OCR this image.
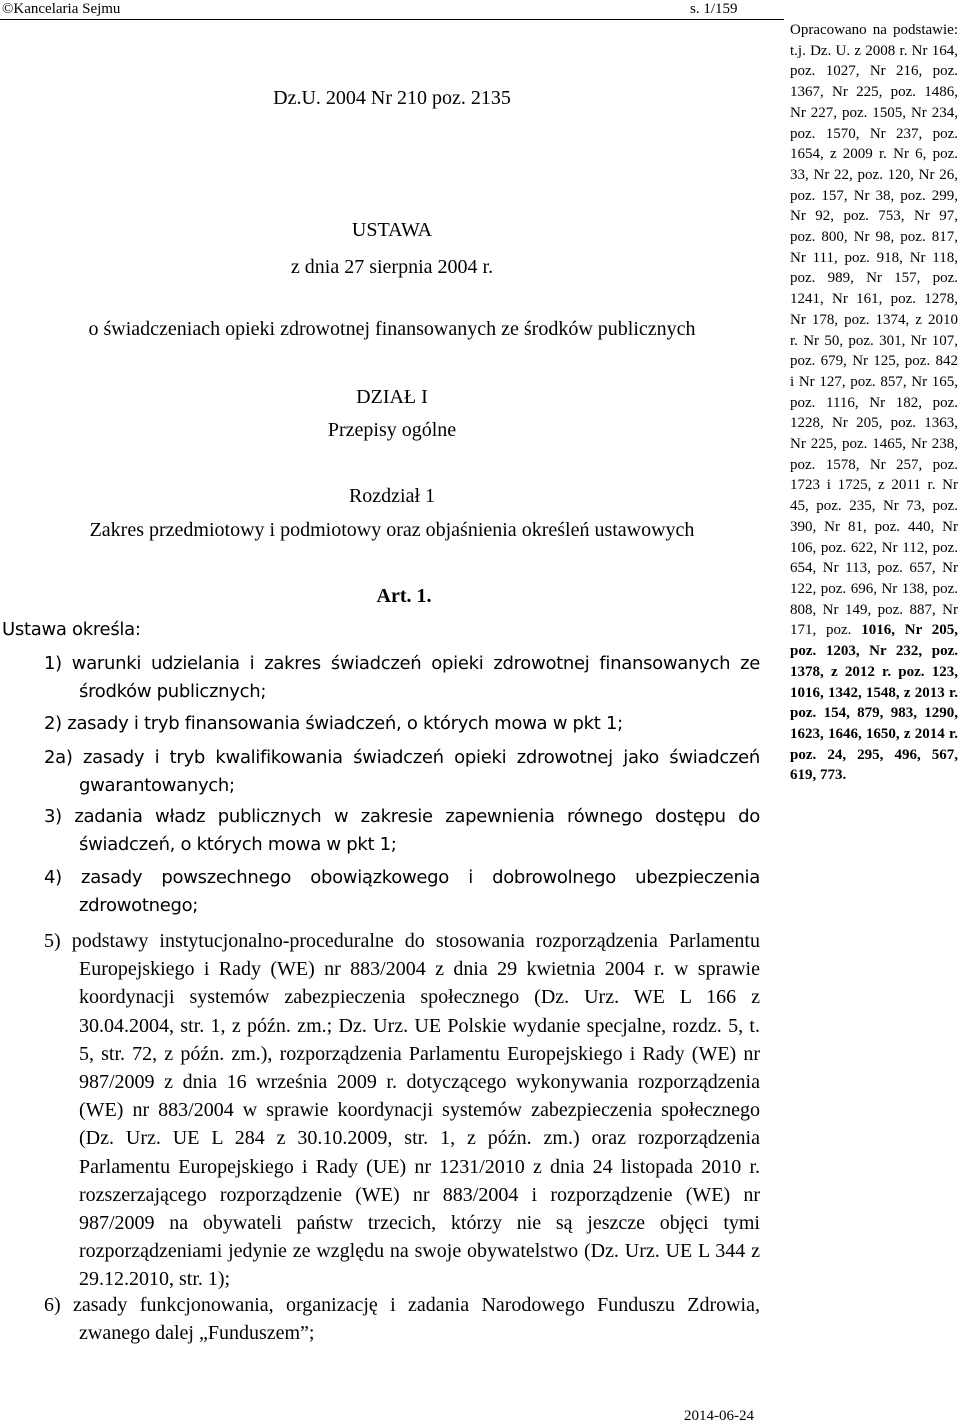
©Kancelaria Sejmu	s. 1/159
Opracowano na podstawie: t.j. Dz. U. z 2008 r. Nr 164, poz. 1027, Nr 216, poz. 1367, Nr 225, poz. 1486, Nr 227, poz. 1505, Nr 234, poz. 1570, Nr 237, poz. 1654, z 2009 r. Nr 6, poz. 33, Nr 22, poz. 120, Nr 26, poz. 157, Nr 38, poz. 299, Nr 92, poz. 753, Nr 97, poz. 800, Nr 98, poz. 817, Nr 111, poz. 918, Nr 118, poz. 989, Nr 157, poz. 1241, Nr 161, poz. 1278, Nr 178, poz. 1374, z 2010 r. Nr 50, poz. 301, Nr 107, poz. 679, Nr 125, poz. 842 i Nr 127, poz. 857, Nr 165, poz. 1116, Nr 182, poz. 1228, Nr 205, poz. 1363, Nr 225, poz. 1465, Nr 238, poz. 1578, Nr 257, poz. 1723 i 1725, z 2011 r. Nr 45, poz. 235, Nr 73, poz. 390, Nr 81, poz. 440, Nr 106, poz. 622, Nr 112, poz. 654, Nr 113, poz. 657, Nr 122, poz. 696, Nr 138, poz. 808, Nr 149, poz. 887, Nr 171, poz. 1016, Nr 205, poz. 1203, Nr 232, poz. 1378, z 2012 r. poz. 123, 1016, 1342, 1548, z 2013 r. poz. 154, 879, 983, 1290, 1623, 1646, 1650, z 2014 r. poz. 24, 295, 496, 567, 619, 773.
Dz.U. 2004 Nr 210 poz. 2135
USTAWA
z dnia 27 sierpnia 2004 r.
o świadczeniach opieki zdrowotnej finansowanych ze środków publicznych
DZIAŁ I
Przepisy ogólne
Rozdział 1
Zakres przedmiotowy i podmiotowy oraz objaśnienia określeń ustawowych
Art. 1.
Ustawa określa:
1) warunki udzielania i zakres świadczeń opieki zdrowotnej finansowanych ze środków publicznych;
2) zasady i tryb finansowania świadczeń, o których mowa w pkt 1;
2a) zasady i tryb kwalifikowania świadczeń opieki zdrowotnej jako świadczeń gwarantowanych;
3) zadania władz publicznych w zakresie zapewnienia równego dostępu do świadczeń, o których mowa w pkt 1;
4) zasady powszechnego obowiązkowego i dobrowolnego ubezpieczenia zdrowotnego;
5) podstawy instytucjonalno-proceduralne do stosowania rozporządzenia Parlamentu Europejskiego i Rady (WE) nr 883/2004 z dnia 29 kwietnia 2004 r. w sprawie koordynacji systemów zabezpieczenia społecznego (Dz. Urz. WE L 166 z 30.04.2004, str. 1, z późn. zm.; Dz. Urz. UE Polskie wydanie specjalne, rozdz. 5, t. 5, str. 72, z późn. zm.), rozporządzenia Parlamentu Europejskiego i Rady (WE) nr 987/2009 z dnia 16 września 2009 r. dotyczącego wykonywania rozporządzenia (WE) nr 883/2004 w sprawie koordynacji systemów zabezpieczenia społecznego (Dz. Urz. UE L 284 z 30.10.2009, str. 1, z późn. zm.) oraz rozporządzenia Parlamentu Europejskiego i Rady (UE) nr 1231/2010 z dnia 24 listopada 2010 r. rozszerzającego rozporządzenie (WE) nr 883/2004 i rozporządzenie (WE) nr 987/2009 na obywateli państw trzecich, którzy nie są jeszcze objęci tymi rozporządzeniami jedynie ze względu na swoje obywatelstwo (Dz. Urz. UE L 344 z 29.12.2010, str. 1);
6) zasady funkcjonowania, organizację i zadania Narodowego Funduszu Zdrowia, zwanego dalej „Funduszem”;
2014-06-24
